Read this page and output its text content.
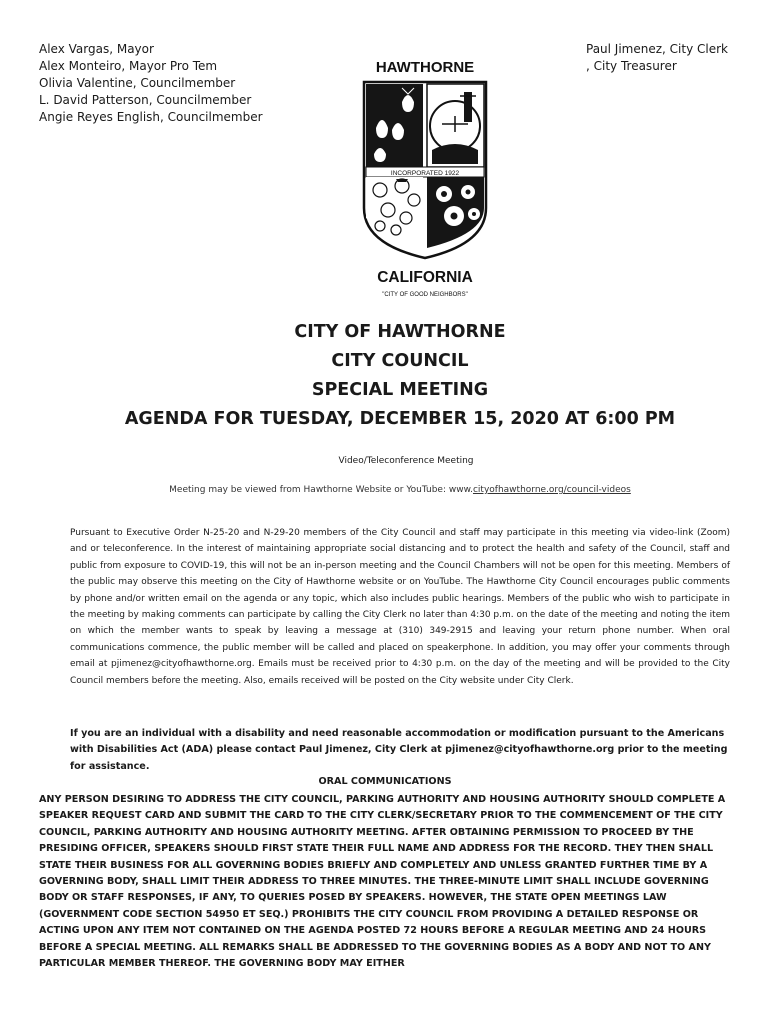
Alex Vargas, Mayor
Alex Monteiro, Mayor Pro Tem
Olivia Valentine, Councilmember
L. David Patterson, Councilmember
Angie Reyes English, Councilmember
Paul Jimenez, City Clerk
, City Treasurer
HAWTHORNE
INCORPORATED 1922
CALIFORNIA
"CITY OF GOOD NEIGHBORS"
CITY OF HAWTHORNE
CITY COUNCIL
SPECIAL MEETING
AGENDA FOR TUESDAY, DECEMBER 15, 2020 AT 6:00 PM
Video/Teleconference Meeting
Meeting may be viewed from Hawthorne Website or YouTube: www.cityofhawthorne.org/council-videos
Pursuant to Executive Order N-25-20 and N-29-20 members of the City Council and staff may participate in this meeting via video-link (Zoom) and or teleconference. In the interest of maintaining appropriate social distancing and to protect the health and safety of the Council, staff and public from exposure to COVID-19, this will not be an in-person meeting and the Council Chambers will not be open for this meeting. Members of the public may observe this meeting on the City of Hawthorne website or on YouTube. The Hawthorne City Council encourages public comments by phone and/or written email on the agenda or any topic, which also includes public hearings. Members of the public who wish to participate in the meeting by making comments can participate by calling the City Clerk no later than 4:30 p.m. on the date of the meeting and noting the item on which the member wants to speak by leaving a message at (310) 349-2915 and leaving your return phone number. When oral communications commence, the public member will be called and placed on speakerphone. In addition, you may offer your comments through email at pjimenez@cityofhawthorne.org. Emails must be received prior to 4:30 p.m. on the day of the meeting and will be provided to the City Council members before the meeting. Also, emails received will be posted on the City website under City Clerk.
If you are an individual with a disability and need reasonable accommodation or modification pursuant to the Americans with Disabilities Act (ADA) please contact Paul Jimenez, City Clerk at pjimenez@cityofhawthorne.org prior to the meeting for assistance.
ORAL COMMUNICATIONS
ANY PERSON DESIRING TO ADDRESS THE CITY COUNCIL, PARKING AUTHORITY AND HOUSING AUTHORITY SHOULD COMPLETE A SPEAKER REQUEST CARD AND SUBMIT THE CARD TO THE CITY CLERK/SECRETARY PRIOR TO THE COMMENCEMENT OF THE CITY COUNCIL, PARKING AUTHORITY AND HOUSING AUTHORITY MEETING. AFTER OBTAINING PERMISSION TO PROCEED BY THE PRESIDING OFFICER, SPEAKERS SHOULD FIRST STATE THEIR FULL NAME AND ADDRESS FOR THE RECORD. THEY THEN SHALL STATE THEIR BUSINESS FOR ALL GOVERNING BODIES BRIEFLY AND COMPLETELY AND UNLESS GRANTED FURTHER TIME BY A GOVERNING BODY, SHALL LIMIT THEIR ADDRESS TO THREE MINUTES. THE THREE-MINUTE LIMIT SHALL INCLUDE GOVERNING BODY OR STAFF RESPONSES, IF ANY, TO QUERIES POSED BY SPEAKERS. HOWEVER, THE STATE OPEN MEETINGS LAW (GOVERNMENT CODE SECTION 54950 ET SEQ.) PROHIBITS THE CITY COUNCIL FROM PROVIDING A DETAILED RESPONSE OR ACTING UPON ANY ITEM NOT CONTAINED ON THE AGENDA POSTED 72 HOURS BEFORE A REGULAR MEETING AND 24 HOURS BEFORE A SPECIAL MEETING. ALL REMARKS SHALL BE ADDRESSED TO THE GOVERNING BODIES AS A BODY AND NOT TO ANY PARTICULAR MEMBER THEREOF. THE GOVERNING BODY MAY EITHER
